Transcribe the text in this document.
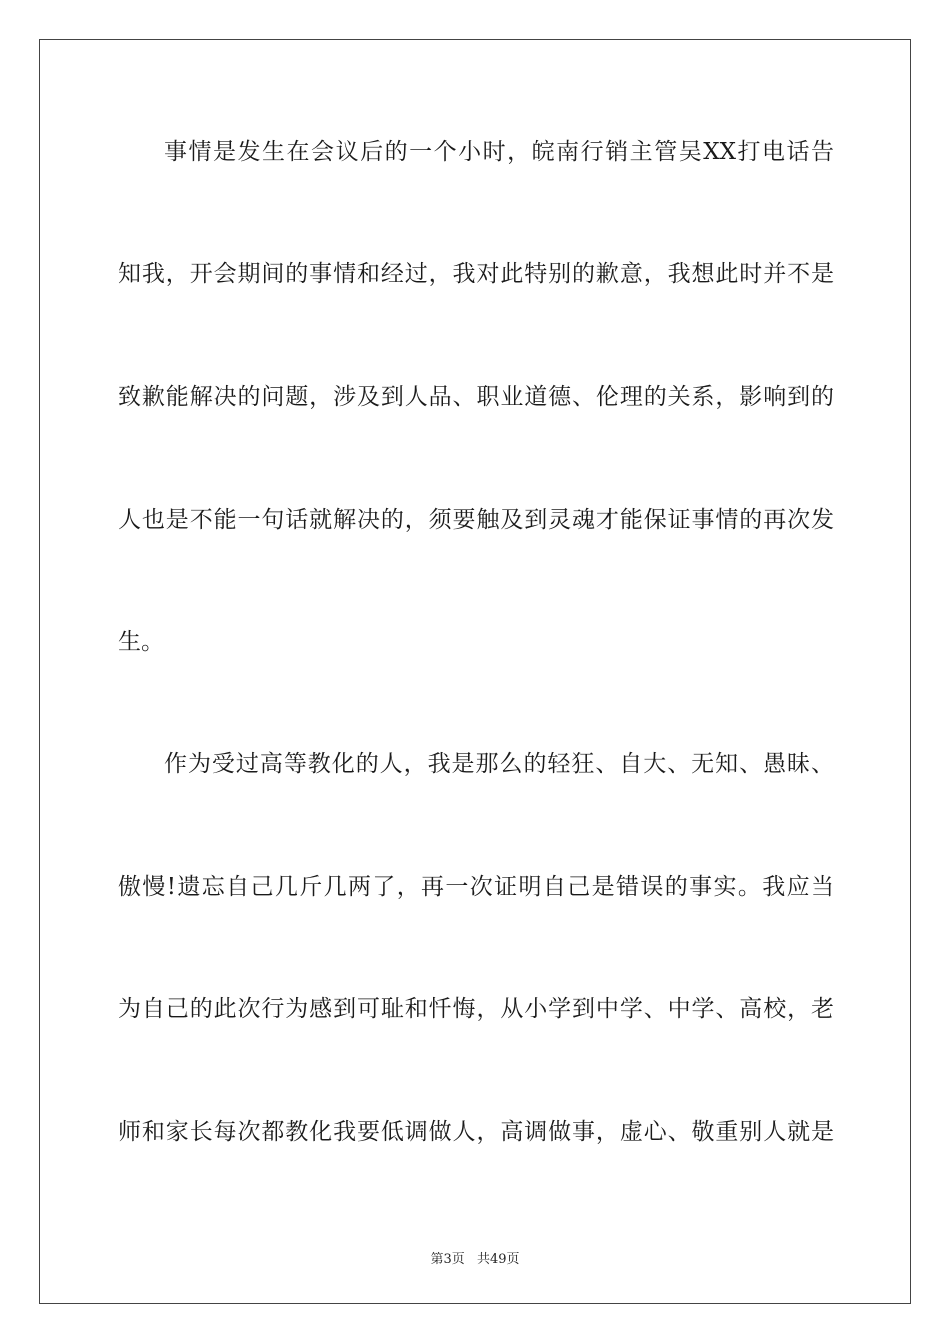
事情是发生在会议后的一个小时，皖南行销主管吴XX打电话告
知我，开会期间的事情和经过，我对此特别的歉意，我想此时并不是
致歉能解决的问题，涉及到人品、职业道德、伦理的关系，影响到的
人也是不能一句话就解决的，须要触及到灵魂才能保证事情的再次发
生。
作为受过高等教化的人，我是那么的轻狂、自大、无知、愚昧、
傲慢!遗忘自己几斤几两了，再一次证明自己是错误的事实。我应当
为自己的此次行为感到可耻和忏悔，从小学到中学、中学、高校，老
师和家长每次都教化我要低调做人，高调做事，虚心、敬重别人就是
第3页 共49页
